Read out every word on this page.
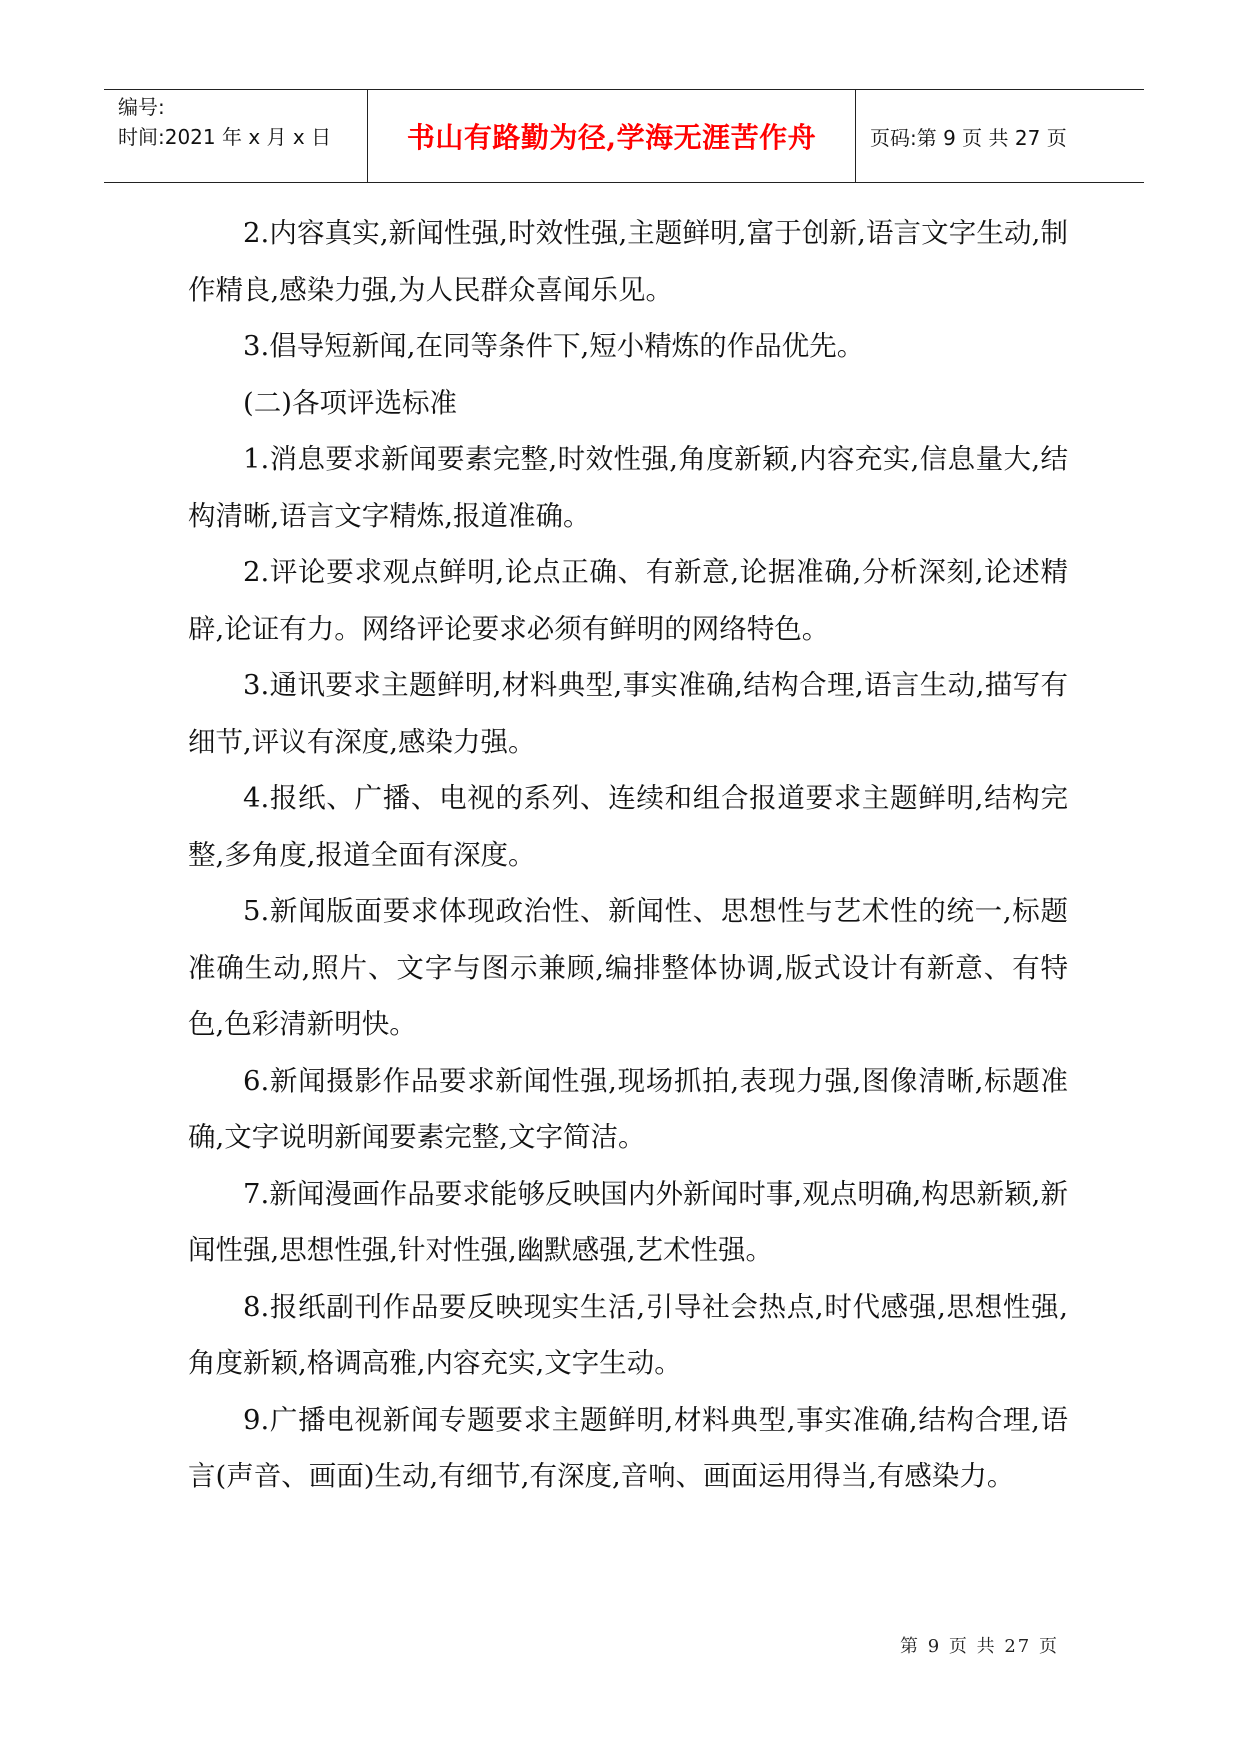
编号:
时间:2021 年 x 月 x 日	书山有路勤为径,学海无涯苦作舟	页码:第 9 页 共 27 页

2.内容真实,新闻性强,时效性强,主题鲜明,富于创新,语言文字生动,制作精良,感染力强,为人民群众喜闻乐见。

3.倡导短新闻,在同等条件下,短小精炼的作品优先。

(二)各项评选标准

1.消息要求新闻要素完整,时效性强,角度新颖,内容充实,信息量大,结构清晰,语言文字精炼,报道准确。

2.评论要求观点鲜明,论点正确、有新意,论据准确,分析深刻,论述精辟,论证有力。网络评论要求必须有鲜明的网络特色。

3.通讯要求主题鲜明,材料典型,事实准确,结构合理,语言生动,描写有细节,评议有深度,感染力强。

4.报纸、广播、电视的系列、连续和组合报道要求主题鲜明,结构完整,多角度,报道全面有深度。

5.新闻版面要求体现政治性、新闻性、思想性与艺术性的统一,标题准确生动,照片、文字与图示兼顾,编排整体协调,版式设计有新意、有特色,色彩清新明快。

6.新闻摄影作品要求新闻性强,现场抓拍,表现力强,图像清晰,标题准确,文字说明新闻要素完整,文字简洁。

7.新闻漫画作品要求能够反映国内外新闻时事,观点明确,构思新颖,新闻性强,思想性强,针对性强,幽默感强,艺术性强。

8.报纸副刊作品要反映现实生活,引导社会热点,时代感强,思想性强,角度新颖,格调高雅,内容充实,文字生动。

9.广播电视新闻专题要求主题鲜明,材料典型,事实准确,结构合理,语言(声音、画面)生动,有细节,有深度,音响、画面运用得当,有感染力。

第 9 页 共 27 页
